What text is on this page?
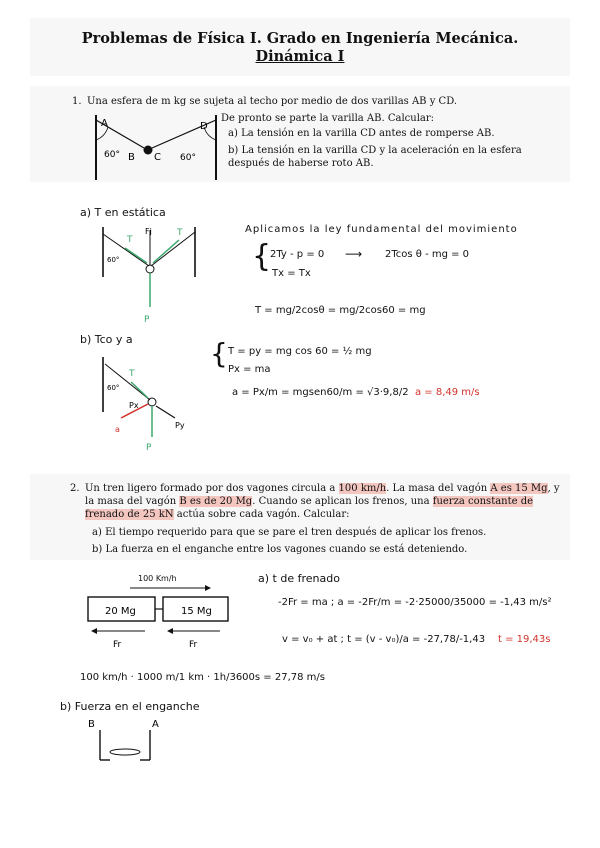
Problemas de Física I. Grado en Ingeniería Mecánica.
Dinámica I
1. Una esfera de m kg se sujeta al techo por medio de dos varillas AB y CD.
A	D
B C
60°	60°
De pronto se parte la varilla AB. Calcular:
a) La tensión en la varilla CD antes de romperse AB.
b) La tensión en la varilla CD y la aceleración en la esfera después de haberse roto AB.
a) T en estática
T
T
Fj
60°
P
Aplicamos la ley fundamental del movimiento
{
2Ty - p = 0 ⟶ 2Tcos θ - mg = 0
Tx = Tx
T = mg/2cosθ = mg/2cos60 = mg
b) Tco y a
T
60°
Px
a	Py
P
{ T = py = mg cos 60 = ½ mg
Px = ma
a = Px/m = mgsen60/m = √3·9,8/2 a = 8,49 m/s
2. Un tren ligero formado por dos vagones circula a 100 km/h. La masa del vagón A es 15 Mg, y la masa del vagón B es de 20 Mg. Cuando se aplican los frenos, una fuerza constante de frenado de 25 kN actúa sobre cada vagón. Calcular:
a) El tiempo requerido para que se pare el tren después de aplicar los frenos.
b) La fuerza en el enganche entre los vagones cuando se está deteniendo.
100 Km/h
20 Mg	15 Mg
Fr	Fr
a) t de frenado
-2Fr = ma ; a = -2Fr/m = -2·25000/35000 = -1,43 m/s²
v = v₀ + at ; t = (v - v₀)/a = -27,78/-1,43 t = 19,43s
100 km/h · 1000 m/1 km · 1h/3600s = 27,78 m/s
b) Fuerza en el enganche
B	A
